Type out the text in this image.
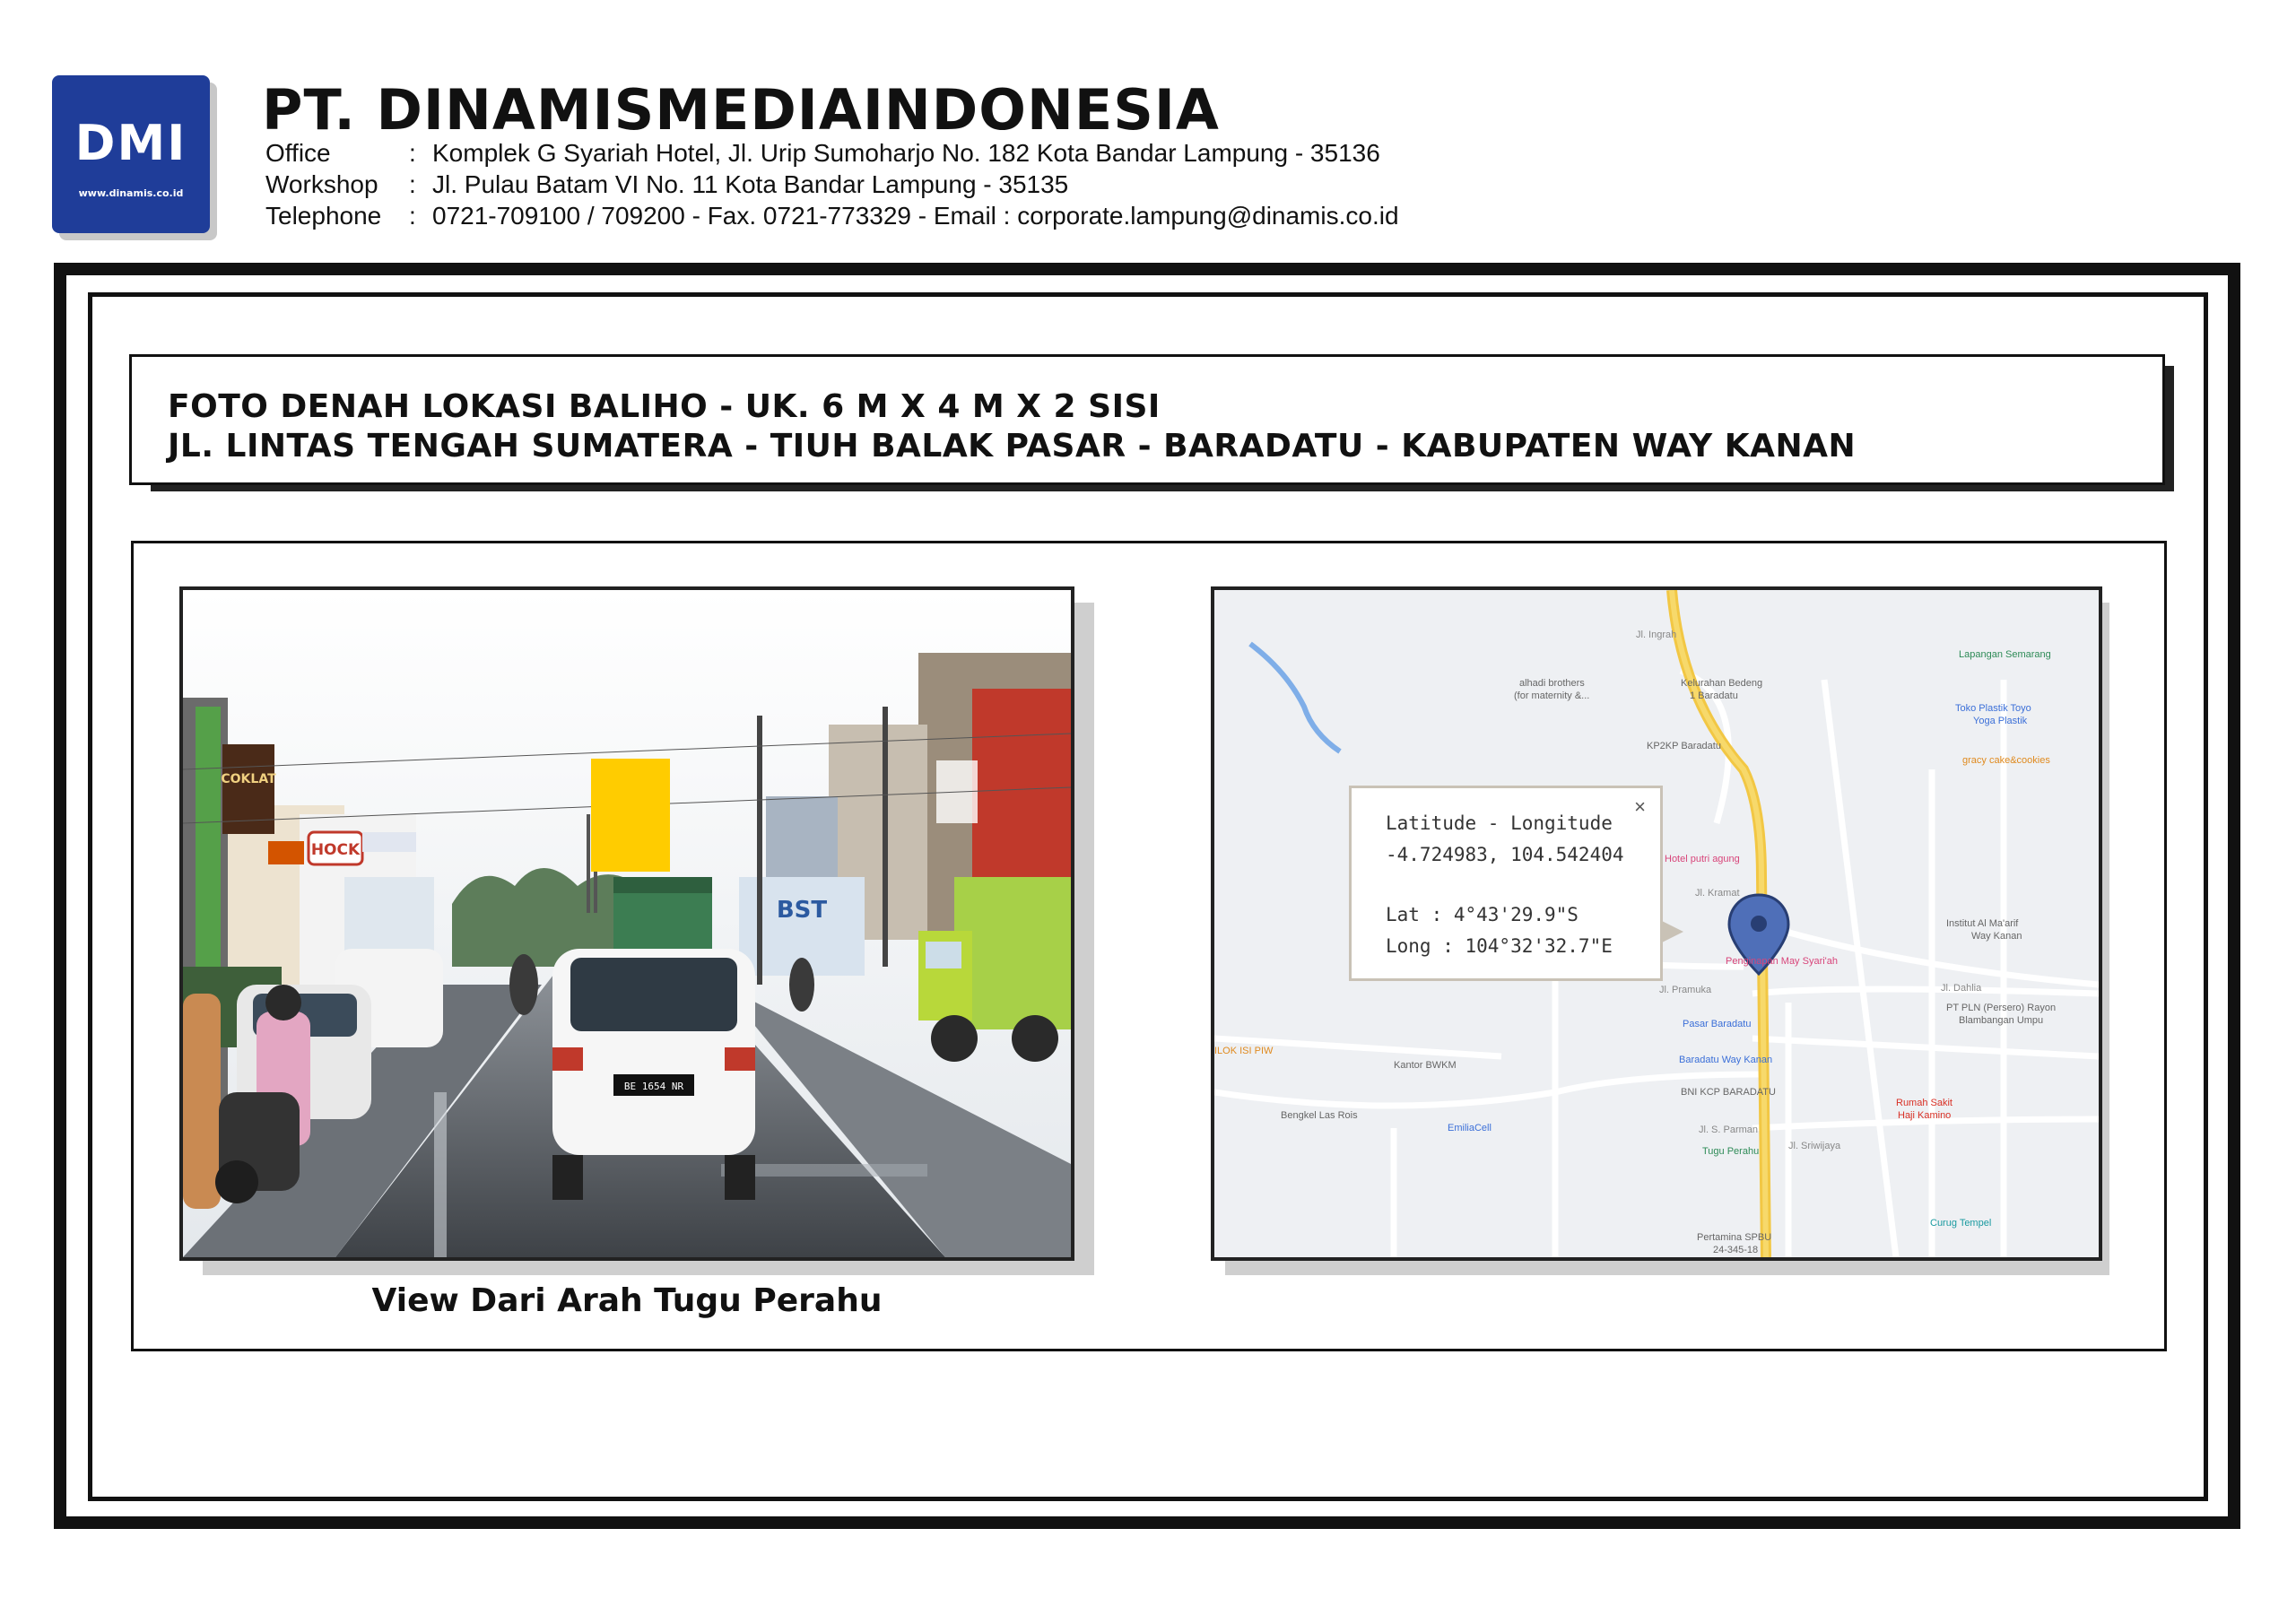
DMI
www.dinamis.co.id
PT. DINAMISMEDIAINDONESIA
Office	: Komplek G Syariah Hotel, Jl. Urip Sumoharjo No. 182 Kota Bandar Lampung - 35136
Workshop : Jl. Pulau Batam VI No. 11 Kota Bandar Lampung - 35135
Telephone : 0721-709100 / 709200 - Fax. 0721-773329 - Email : corporate.lampung@dinamis.co.id
FOTO DENAH LOKASI BALIHO - UK. 6 M X 4 M X 2 SISI
JL. LINTAS TENGAH SUMATERA - TIUH BALAK PASAR - BARADATU - KABUPATEN WAY KANAN
COKLAT
HOCK
BST
BE 1654 NR
View Dari Arah Tugu Perahu
Jl. Ingrah
alhadi brothers
(for maternity &...
Kelurahan Bedeng
1 Baradatu
KP2KP Baradatu
Lapangan Semarang
Toko Plastik Toyo
Yoga Plastik
gracy cake&cookies
Hotel putri agung
Jl. Kramat
Institut Al Ma'arif
Way Kanan
Penginapan May Syari'ah
Jl. Pramuka	Jl. Dahlia
PT PLN (Persero) Rayon
Blambangan Umpu
Pasar Baradatu
Baradatu Way Kanan
Kantor BWKM
ILOK ISI PIW
BNI KCP BARADATU
Rumah Sakit
Haji Kamino
Bengkel Las Rois
EmiliaCell	Jl. S. Parman
Jl. Sriwijaya
Tugu Perahu
Curug Tempel
Pertamina SPBU
24-345-18
×
Latitude - Longitude
-4.724983, 104.542404
Lat : 4°43'29.9"S
Long : 104°32'32.7"E
